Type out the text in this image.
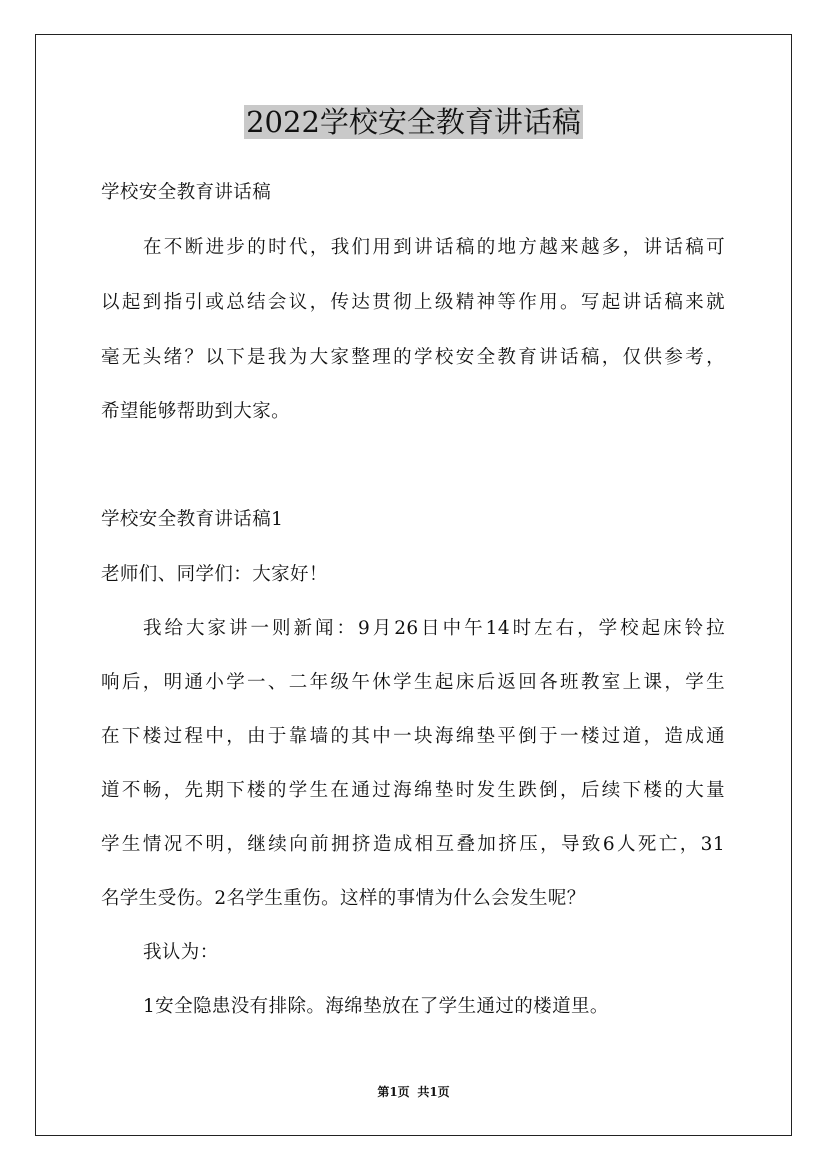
2022学校安全教育讲话稿
学校安全教育讲话稿
在不断进步的时代，我们用到讲话稿的地方越来越多，讲话稿可
以起到指引或总结会议，传达贯彻上级精神等作用。写起讲话稿来就
毫无头绪？以下是我为大家整理的学校安全教育讲话稿，仅供参考，
希望能够帮助到大家。
学校安全教育讲话稿1
老师们、同学们：大家好！
我给大家讲一则新闻：9月26日中午14时左右，学校起床铃拉
响后，明通小学一、二年级午休学生起床后返回各班教室上课，学生
在下楼过程中，由于靠墙的其中一块海绵垫平倒于一楼过道，造成通
道不畅，先期下楼的学生在通过海绵垫时发生跌倒，后续下楼的大量
学生情况不明，继续向前拥挤造成相互叠加挤压，导致6人死亡，31
名学生受伤。2名学生重伤。这样的事情为什么会发生呢？
我认为：
1安全隐患没有排除。海绵垫放在了学生通过的楼道里。
第1页 共1页
